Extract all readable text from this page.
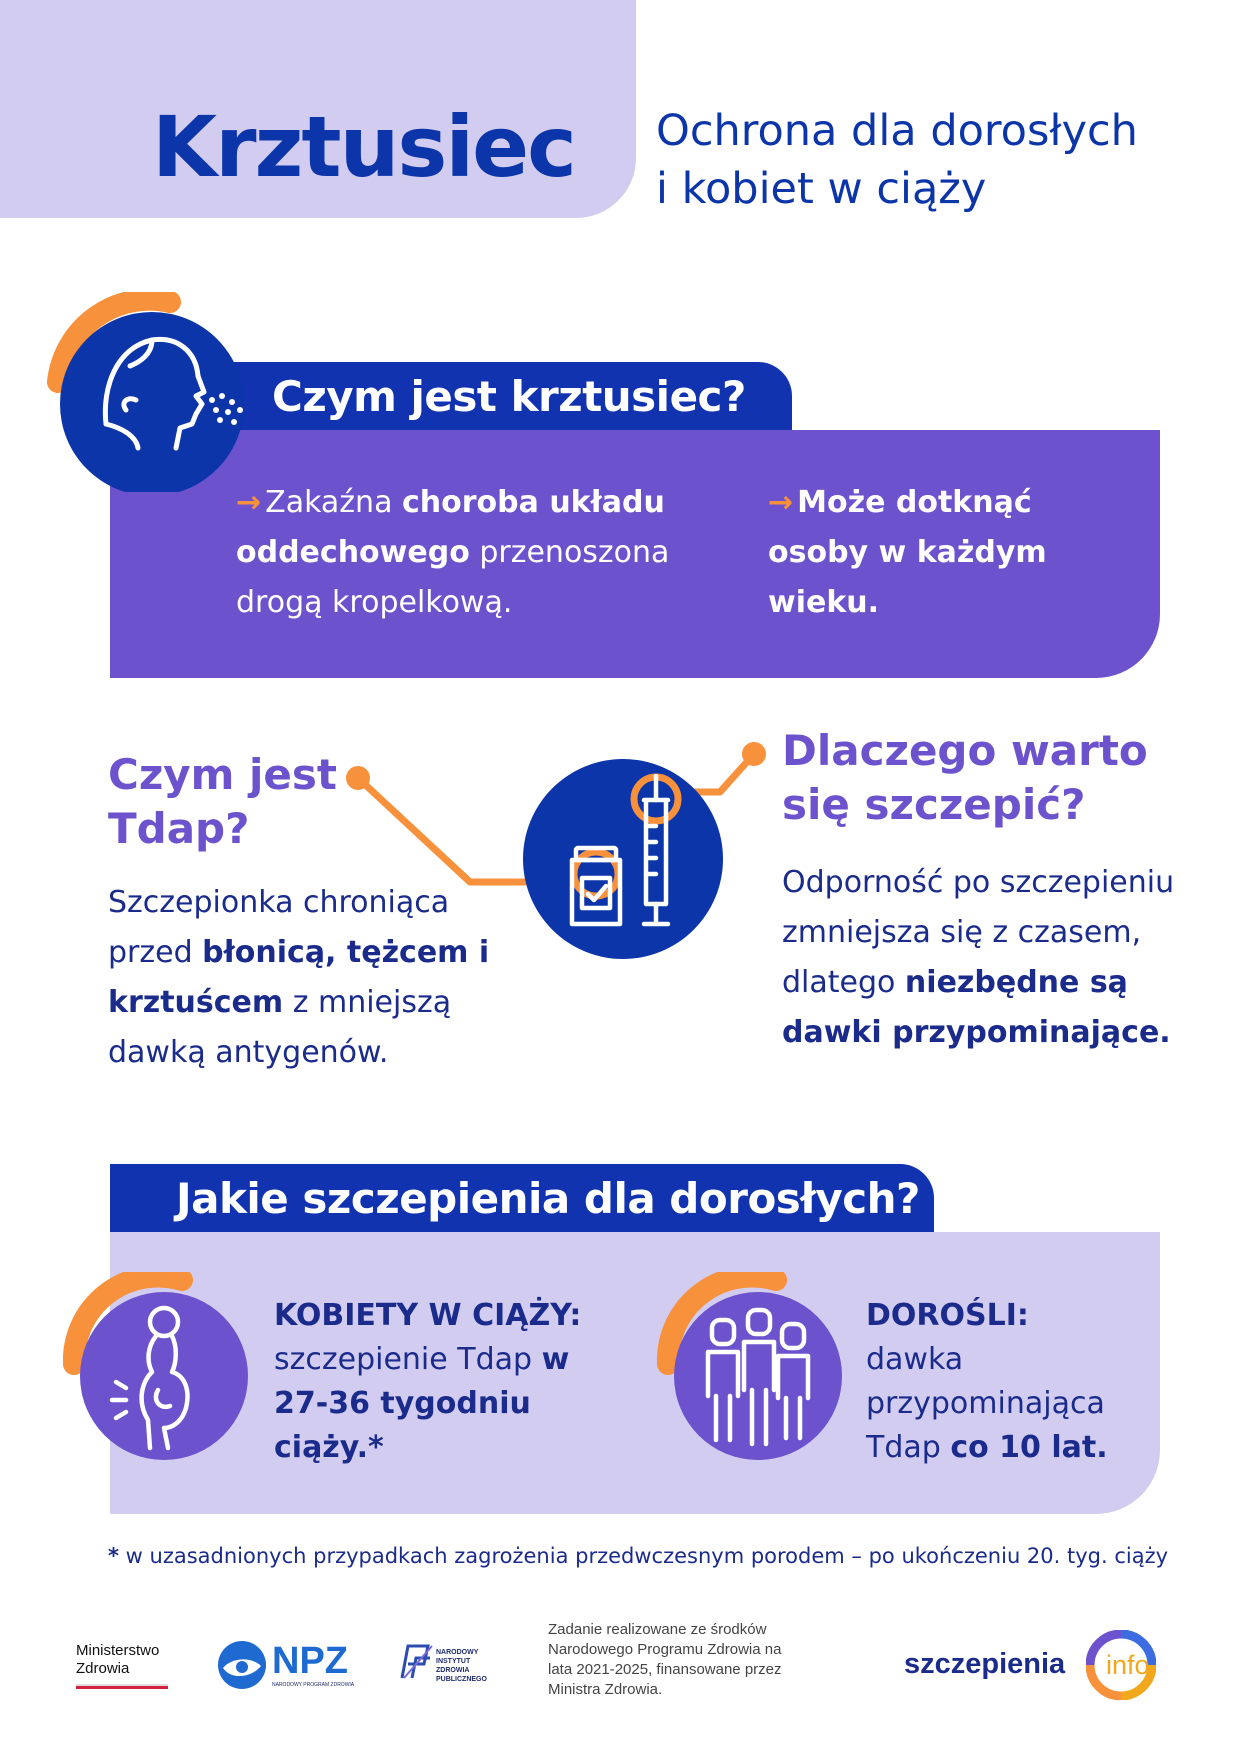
Krztusiec Ochrona dla dorosłych
i kobiet w ciąży
Czym jest krztusiec?
→ Zakaźna choroba układu oddechowego przenoszona drogą kropelkową.
→ Może dotknąć osoby w każdym wieku.
Czym jest
Tdap?
Szczepionka chroniąca przed błonicą, tężcem i krztuścem z mniejszą dawką antygenów.
Dlaczego warto
się szczepić?
Odporność po szczepieniu zmniejsza się z czasem, dlatego niezbędne są dawki przypominające.
Jakie szczepienia dla dorosłych?
KOBIETY W CIĄŻY:
szczepienie Tdap w 27-36 tygodniu ciąży.*
DOROŚLI:
dawka przypominająca Tdap co 10 lat.
* w uzasadnionych przypadkach zagrożenia przedwczesnym porodem – po ukończeniu 20. tyg. ciąży
Ministerstwo
Zdrowia	NPZ
NARODOWY PROGRAM ZDROWIA
NARODOWY INSTYTUT ZDROWIA PUBLICZNEGO
Zadanie realizowane ze środków Narodowego Programu Zdrowia na lata 2021-2025, finansowane przez Ministra Zdrowia.
szczepienia info
